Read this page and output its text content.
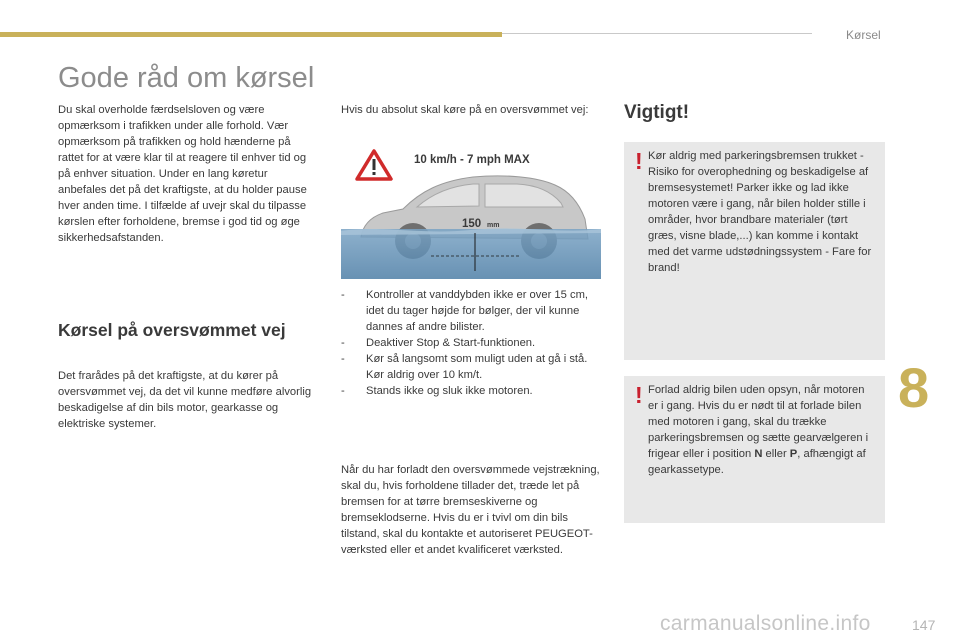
Kørsel
Gode råd om kørsel

Du skal overholde færdselsloven og være opmærksom i trafikken under alle forhold. Vær opmærksom på trafikken og hold hænderne på rattet for at være klar til at reagere til enhver tid og på enhver situation. Under en lang køretur anbefales det på det kraftigste, at du holder pause hver anden time. I tilfælde af uvejr skal du tilpasse kørslen efter forholdene, bremse i god tid og øge sikkerhedsafstanden.

Kørsel på oversvømmet vej

Det frarådes på det kraftigste, at du kører på oversvømmet vej, da det vil kunne medføre alvorlig beskadigelse af din bils motor, gearkasse og elektriske systemer.

Hvis du absolut skal køre på en oversvømmet vej:

10 km/h - 7 mph MAX
150 mm
- Kontroller at vanddybden ikke er over 15 cm, idet du tager højde for bølger, der vil kunne dannes af andre bilister.
- Deaktiver Stop & Start-funktionen.
- Kør så langsomt som muligt uden at gå i stå. Kør aldrig over 10 km/t.
- Stands ikke og sluk ikke motoren.

Når du har forladt den oversvømmede vejstrækning, skal du, hvis forholdene tillader det, træde let på bremsen for at tørre bremseskiverne og bremseklodserne. Hvis du er i tvivl om din bils tilstand, skal du kontakte et autoriseret PEUGEOT-værksted eller et andet kvalificeret værksted.

Vigtigt!
! Kør aldrig med parkeringsbremsen trukket - Risiko for overophedning og beskadigelse af bremsesystemet! Parker ikke og lad ikke motoren være i gang, når bilen holder stille i områder, hvor brandbare materialer (tørt græs, visne blade,...) kan komme i kontakt med det varme udstødningssystem - Fare for brand!

! Forlad aldrig bilen uden opsyn, når motoren er i gang. Hvis du er nødt til at forlade bilen med motoren i gang, skal du trække parkeringsbremsen og sætte gearvælgeren i frigear eller i position N eller P, afhængigt af gearkassetype.

8
carmanualsonline.info	147
